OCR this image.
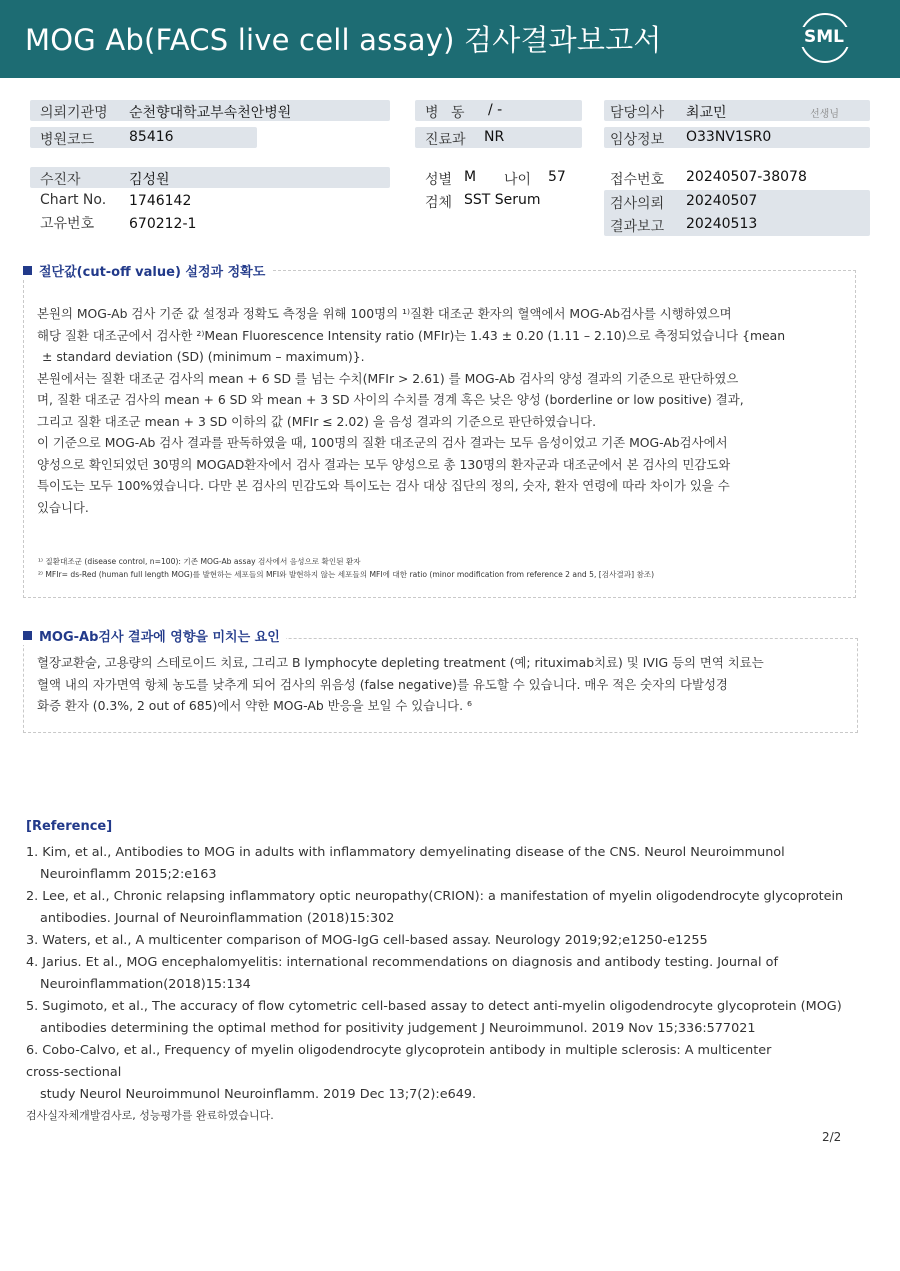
MOG Ab(FACS live cell assay) 검사결과보고서	SML
의뢰기관명 순천향대학교부속천안병원
병원코드 85416
병 동 / -
진료과 NR
담당의사 최교민	선생님
임상정보 O33NV1SR0
수진자	김성원
Chart No. 1746142
고유번호 670212-1
성별 M 나이 57
검체 SST Serum
접수번호 20240507-38078
검사의뢰 20240507
결과보고 20240513
절단값(cut-off value) 설정과 정확도

본원의 MOG-Ab 검사 기준 값 설정과 정확도 측정을 위해 100명의 ¹⁾질환 대조군 환자의 혈액에서 MOG-Ab검사를 시행하였으며

해당 질환 대조군에서 검사한 ²⁾Mean Fluorescence Intensity ratio (MFIr)는 1.43 ± 0.20 (1.11 – 2.10)으로 측정되었습니다 {mean

± standard deviation (SD) (minimum – maximum)}.

본원에서는 질환 대조군 검사의 mean + 6 SD 를 넘는 수치(MFIr > 2.61) 를 MOG-Ab 검사의 양성 결과의 기준으로 판단하였으

며, 질환 대조군 검사의 mean + 6 SD 와 mean + 3 SD 사이의 수치를 경계 혹은 낮은 양성 (borderline or low positive) 결과,

그리고 질환 대조군 mean + 3 SD 이하의 값 (MFIr ≤ 2.02) 을 음성 결과의 기준으로 판단하였습니다.

이 기준으로 MOG-Ab 검사 결과를 판독하였을 때, 100명의 질환 대조군의 검사 결과는 모두 음성이었고 기존 MOG-Ab검사에서

양성으로 확인되었던 30명의 MOGAD환자에서 검사 결과는 모두 양성으로 총 130명의 환자군과 대조군에서 본 검사의 민감도와

특이도는 모두 100%였습니다. 다만 본 검사의 민감도와 특이도는 검사 대상 집단의 정의, 숫자, 환자 연령에 따라 차이가 있을 수

있습니다.

¹⁾ 질환대조군 (disease control, n=100): 기존 MOG-Ab assay 검사에서 음성으로 확인된 환자
²⁾ MFIr= ds-Red (human full length MOG)를 발현하는 세포들의 MFI와 발현하지 않는 세포들의 MFI에 대한 ratio (minor modification from reference 2 and 5, [검사결과] 참조)
MOG-Ab검사 결과에 영향을 미치는 요인

혈장교환술, 고용량의 스테로이드 치료, 그리고 B lymphocyte depleting treatment (예; rituximab치료) 및 IVIG 등의 면역 치료는

혈액 내의 자가면역 항체 농도를 낮추게 되어 검사의 위음성 (false negative)를 유도할 수 있습니다. 매우 적은 숫자의 다발성경

화증 환자 (0.3%, 2 out of 685)에서 약한 MOG-Ab 반응을 보일 수 있습니다. ⁶

[Reference]
1. Kim, et al., Antibodies to MOG in adults with inflammatory demyelinating disease of the CNS. Neurol Neuroimmunol
Neuroinflamm 2015;2:e163
2. Lee, et al., Chronic relapsing inflammatory optic neuropathy(CRION): a manifestation of myelin oligodendrocyte glycoprotein
antibodies. Journal of Neuroinflammation (2018)15:302
3. Waters, et al., A multicenter comparison of MOG-IgG cell-based assay. Neurology 2019;92;e1250-e1255
4. Jarius. Et al., MOG encephalomyelitis: international recommendations on diagnosis and antibody testing. Journal of
Neuroinflammation(2018)15:134
5. Sugimoto, et al., The accuracy of flow cytometric cell-based assay to detect anti-myelin oligodendrocyte glycoprotein (MOG)
antibodies determining the optimal method for positivity judgement J Neuroimmunol. 2019 Nov 15;336:577021
6. Cobo-Calvo, et al., Frequency of myelin oligodendrocyte glycoprotein antibody in multiple sclerosis: A multicenter
cross-sectional
study Neurol Neuroimmunol Neuroinflamm. 2019 Dec 13;7(2):e649.
검사실자체개발검사로, 성능평가를 완료하였습니다.
2/2
